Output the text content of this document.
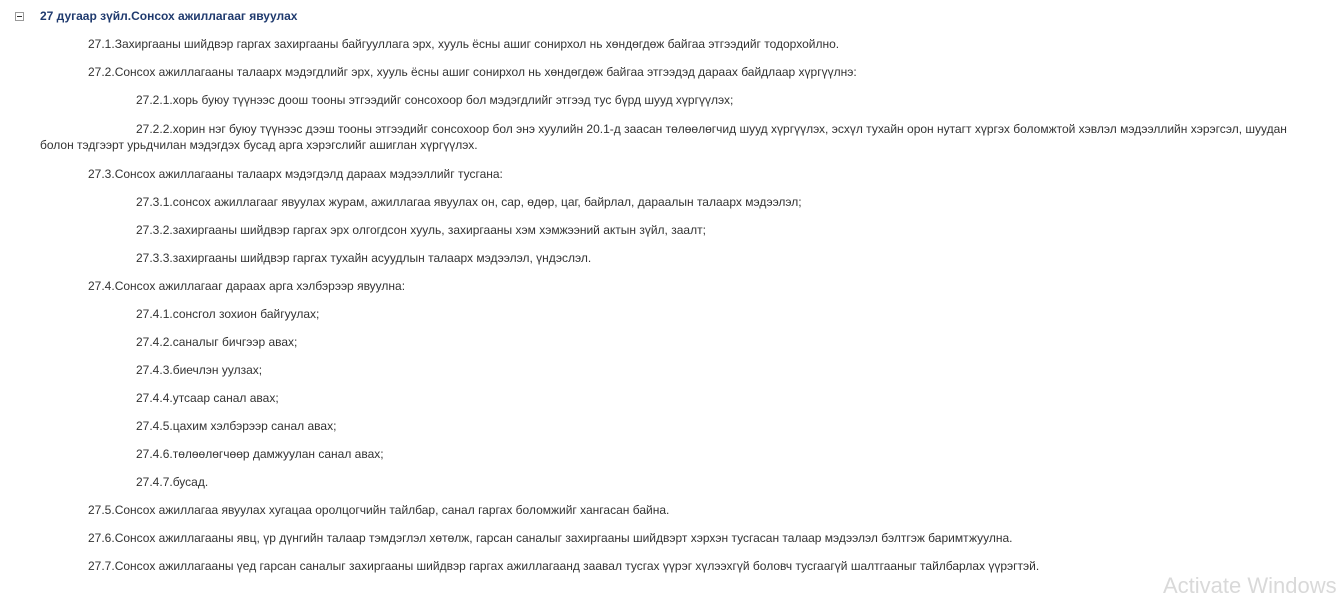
27 дугаар зүйл.Сонсох ажиллагааг явуулах
27.1.Захиргааны шийдвэр гаргах захиргааны байгууллага эрх, хууль ёсны ашиг сонирхол нь хөндөгдөж байгаа этгээдийг тодорхойлно.
27.2.Сонсох ажиллагааны талаарх мэдэгдлийг эрх, хууль ёсны ашиг сонирхол нь хөндөгдөж байгаа этгээдэд дараах байдлаар хүргүүлнэ:
27.2.1.хорь буюу түүнээс доош тооны этгээдийг сонсохоор бол мэдэгдлийг этгээд тус бүрд шууд хүргүүлэх;
27.2.2.хорин нэг буюу түүнээс дээш тооны этгээдийг сонсохоор бол энэ хуулийн 20.1-д заасан төлөөлөгчид шууд хүргүүлэх, эсхүл тухайн орон нутагт хүргэх боломжтой хэвлэл мэдээллийн хэрэгсэл, шуудан болон тэдгээрт урьдчилан мэдэгдэх бусад арга хэрэгслийг ашиглан хүргүүлэх.
27.3.Сонсох ажиллагааны талаарх мэдэгдэлд дараах мэдээллийг тусгана:
27.3.1.сонсох ажиллагааг явуулах журам, ажиллагаа явуулах он, сар, өдөр, цаг, байрлал, дараалын талаарх мэдээлэл;
27.3.2.захиргааны шийдвэр гаргах эрх олгогдсон хууль, захиргааны хэм хэмжээний актын зүйл, заалт;
27.3.3.захиргааны шийдвэр гаргах тухайн асуудлын талаарх мэдээлэл, үндэслэл.
27.4.Сонсох ажиллагааг дараах арга хэлбэрээр явуулна:
27.4.1.сонсгол зохион байгуулах;
27.4.2.саналыг бичгээр авах;
27.4.3.биечлэн уулзах;
27.4.4.утсаар санал авах;
27.4.5.цахим хэлбэрээр санал авах;
27.4.6.төлөөлөгчөөр дамжуулан санал авах;
27.4.7.бусад.
27.5.Сонсох ажиллагаа явуулах хугацаа оролцогчийн тайлбар, санал гаргах боломжийг хангасан байна.
27.6.Сонсох ажиллагааны явц, үр дүнгийн талаар тэмдэглэл хөтөлж, гарсан саналыг захиргааны шийдвэрт хэрхэн тусгасан талаар мэдээлэл бэлтгэж баримтжуулна.
27.7.Сонсох ажиллагааны үед гарсан саналыг захиргааны шийдвэр гаргах ажиллагаанд заавал тусгах үүрэг хүлээхгүй боловч тусгаагүй шалтгааныг тайлбарлах үүрэгтэй.
Activate Windows
